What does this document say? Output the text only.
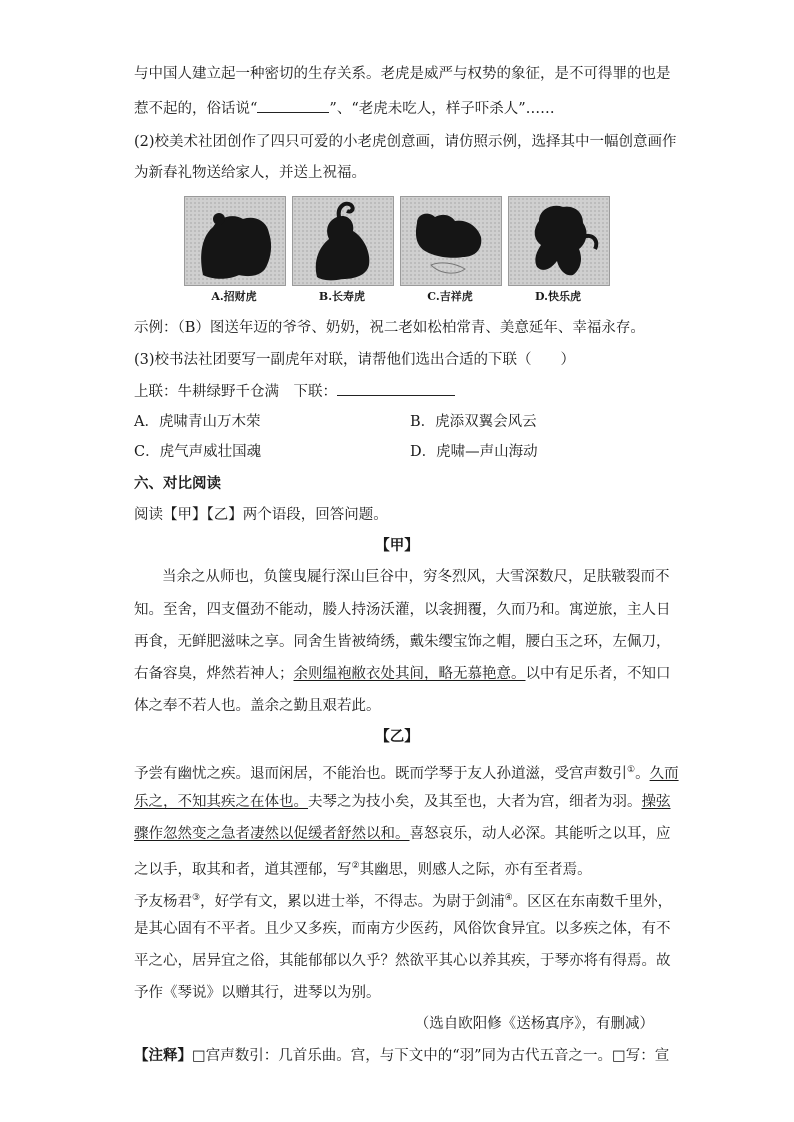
与中国人建立起一种密切的生存关系。老虎是威严与权势的象征，是不可得罪的也是
惹不起的，俗话说“	”、“老虎未吃人，样子吓杀人”……
(2)校美术社团创作了四只可爱的小老虎创意画，请仿照示例，选择其中一幅创意画作
为新春礼物送给家人，并送上祝福。
A.招财虎	B.长寿虎	C.吉祥虎	D.快乐虎
示例：（B）图送年迈的爷爷、奶奶，祝二老如松柏常青、美意延年、幸福永存。
(3)校书法社团要写一副虎年对联，请帮他们选出合适的下联（　　）
上联：牛耕绿野千仓满　下联：
A．虎啸青山万木荣	B．虎添双翼会风云
C．虎气声威壮国魂	D．虎啸—声山海动
六、对比阅读
阅读【甲】【乙】两个语段，回答问题。
【甲】
当余之从师也，负箧曳屣行深山巨谷中，穷冬烈风，大雪深数尺，足肤皲裂而不
知。至舍，四支僵劲不能动，媵人持汤沃灌，以衾拥覆，久而乃和。寓逆旅，主人日
再食，无鲜肥滋味之享。同舍生皆被绮绣，戴朱缨宝饰之帽，腰白玉之环，左佩刀，
右备容臭，烨然若神人；余则缊袍敝衣处其间，略无慕艳意。以中有足乐者，不知口
体之奉不若人也。盖余之勤且艰若此。
【乙】
予尝有幽忧之疾。退而闲居，不能治也。既而学琴于友人孙道滋，受宫声数引①。久而
乐之，不知其疾之在体也。夫琴之为技小矣，及其至也，大者为宫，细者为羽。操弦
骤作忽然变之急者凄然以促缓者舒然以和。喜怒哀乐，动人必深。其能听之以耳，应
之以手，取其和者，道其湮郁，写②其幽思，则感人之际，亦有至者焉。
予友杨君③，好学有文，累以进士举，不得志。为尉于剑浦④。区区在东南数千里外，
是其心固有不平者。且少又多疾，而南方少医药，风俗饮食异宜。以多疾之体，有不
平之心，居异宜之俗，其能郁郁以久乎？然欲平其心以养其疾，于琴亦将有得焉。故
予作《琴说》以赠其行，进琴以为别。
（选自欧阳修《送杨寘序》，有删减）
【注释】□宫声数引：几首乐曲。宫，与下文中的“羽”同为古代五音之一。□写：宣
